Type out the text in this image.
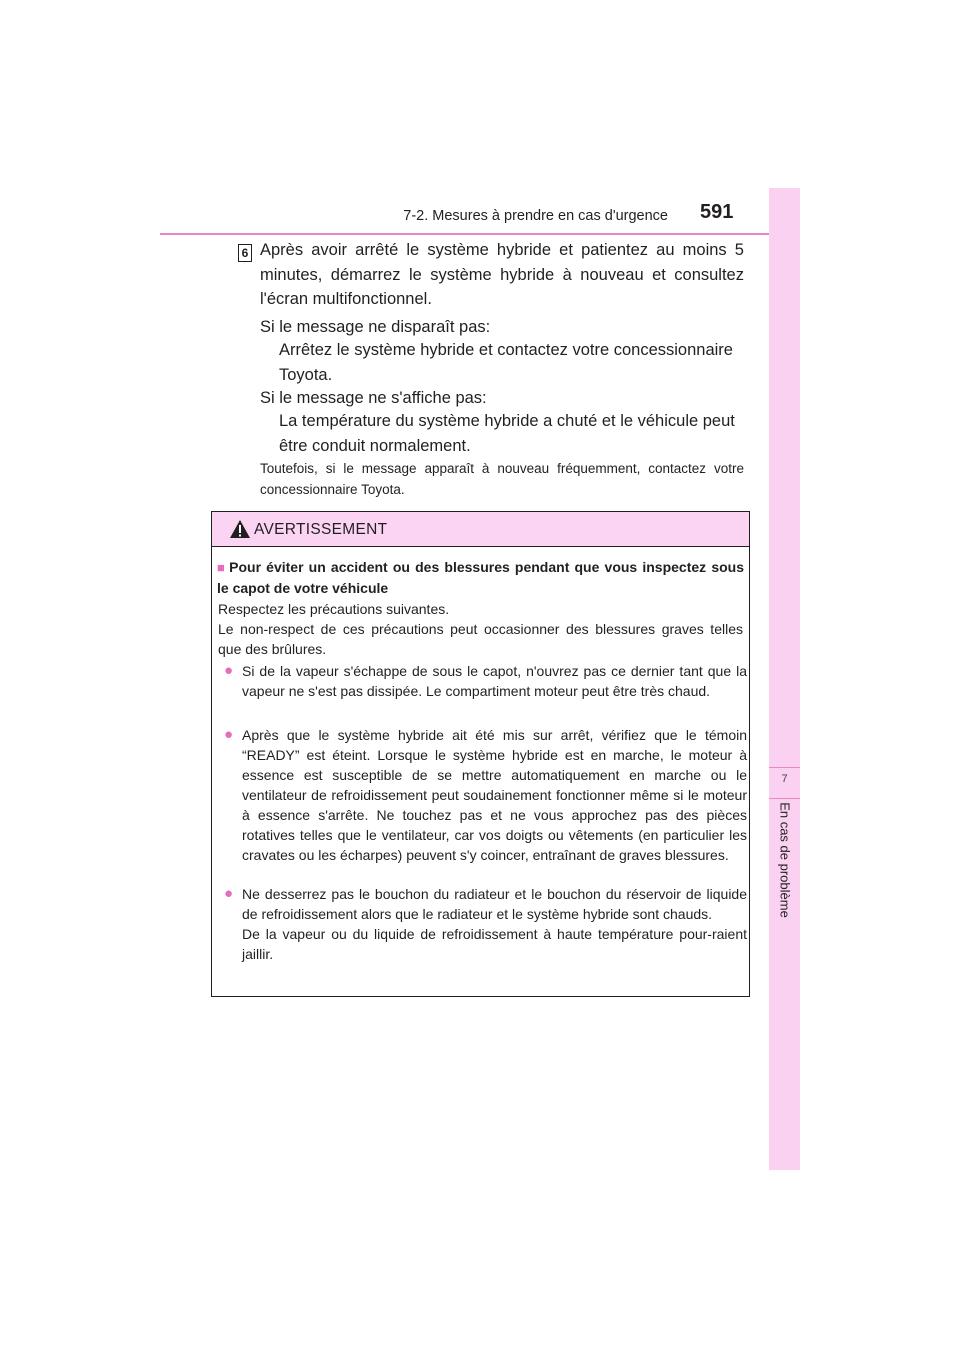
7-2. Mesures à prendre en cas d'urgence 591
7
En cas de problème
6 Après avoir arrêté le système hybride et patientez au moins 5 minutes, démarrez le système hybride à nouveau et consultez l'écran multifonctionnel.

Si le message ne disparaît pas:

Arrêtez le système hybride et contactez votre concessionnaire Toyota.

Si le message ne s'affiche pas:

La température du système hybride a chuté et le véhicule peut être conduit normalement.

Toutefois, si le message apparaît à nouveau fréquemment, contactez votre concessionnaire Toyota.

AVERTISSEMENT

■ Pour éviter un accident ou des blessures pendant que vous inspectez sous le capot de votre véhicule

Respectez les précautions suivantes.
Le non-respect de ces précautions peut occasionner des blessures graves telles que des brûlures.

● Si de la vapeur s'échappe de sous le capot, n'ouvrez pas ce dernier tant que la vapeur ne s'est pas dissipée. Le compartiment moteur peut être très chaud.
● Après que le système hybride ait été mis sur arrêt, vérifiez que le témoin “READY” est éteint. Lorsque le système hybride est en marche, le moteur à essence est susceptible de se mettre automatiquement en marche ou le ventilateur de refroidissement peut soudainement fonctionner même si le moteur à essence s'arrête. Ne touchez pas et ne vous approchez pas des pièces rotatives telles que le ventilateur, car vos doigts ou vêtements (en particulier les cravates ou les écharpes) peuvent s'y coincer, entraînant de graves blessures.
● Ne desserrez pas le bouchon du radiateur et le bouchon du réservoir de liquide de refroidissement alors que le radiateur et le système hybride sont chauds.
De la vapeur ou du liquide de refroidissement à haute température pour-raient jaillir.
